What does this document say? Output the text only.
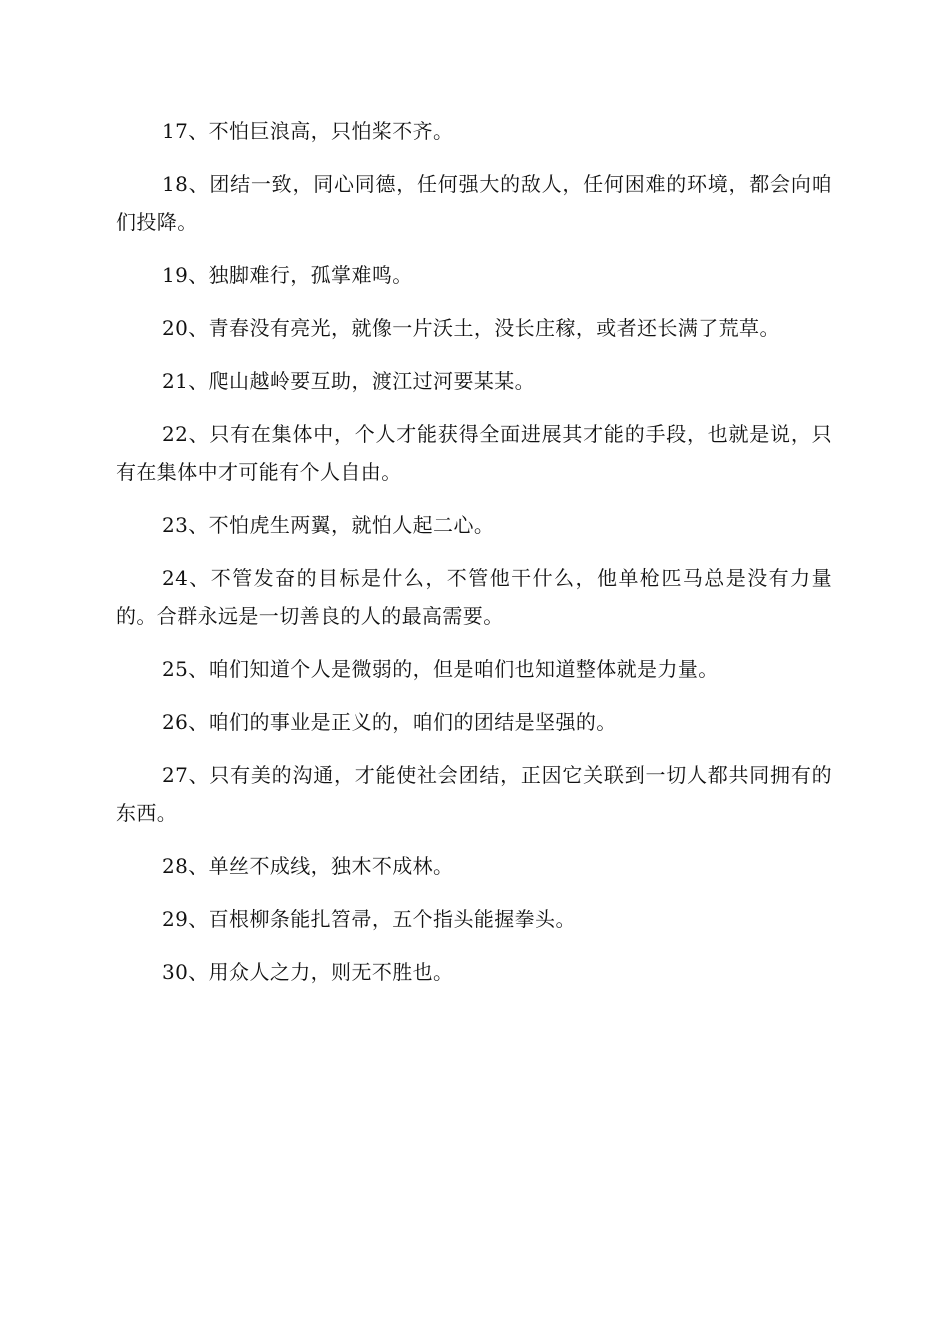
17、不怕巨浪高，只怕桨不齐。

18、团结一致，同心同德，任何强大的敌人，任何困难的环境，都会向咱们投降。

19、独脚难行，孤掌难鸣。

20、青春没有亮光，就像一片沃土，没长庄稼，或者还长满了荒草。

21、爬山越岭要互助，渡江过河要某某。

22、只有在集体中，个人才能获得全面进展其才能的手段，也就是说，只有在集体中才可能有个人自由。

23、不怕虎生两翼，就怕人起二心。

24、不管发奋的目标是什么，不管他干什么，他单枪匹马总是没有力量的。合群永远是一切善良的人的最高需要。

25、咱们知道个人是微弱的，但是咱们也知道整体就是力量。

26、咱们的事业是正义的，咱们的团结是坚强的。

27、只有美的沟通，才能使社会团结，正因它关联到一切人都共同拥有的东西。

28、单丝不成线，独木不成林。

29、百根柳条能扎笤帚，五个指头能握拳头。

30、用众人之力，则无不胜也。
